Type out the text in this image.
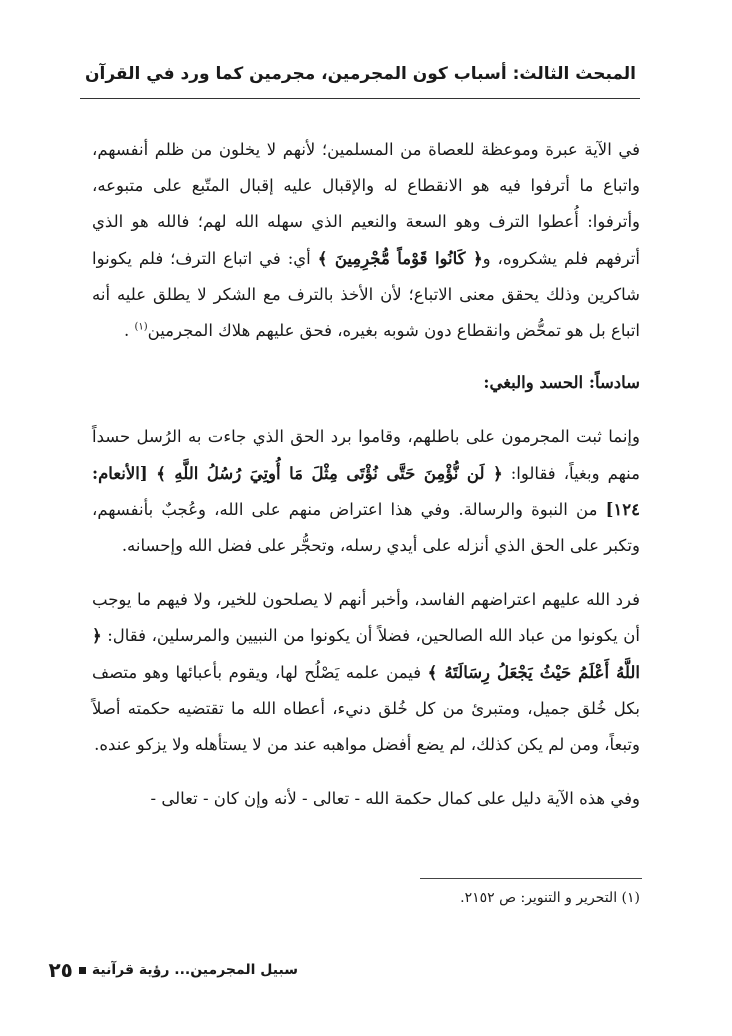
المبحث الثالث: أسباب كون المجرمين، مجرمين كما ورد في القرآن

في الآية عبرة وموعظة للعصاة من المسلمين؛ لأنهم لا يخلون من ظلم أنفسهم، واتباع ما أترفوا فيه هو الانقطاع له والإقبال عليه إقبال المتّبع على متبوعه، وأترفوا: أُعطوا الترف وهو السعة والنعيم الذي سهله الله لهم؛ فالله هو الذي أترفهم فلم يشكروه، و﴿ كَانُوا قَوْماً مُّجْرِمِينَ ﴾ أي: في اتباع الترف؛ فلم يكونوا شاكرين وذلك يحقق معنى الاتباع؛ لأن الأخذ بالترف مع الشكر لا يطلق عليه أنه اتباع بل هو تمحُّض وانقطاع دون شوبه بغيره، فحق عليهم هلاك المجرمين$^{(١)}$ .

سادساً: الحسد والبغي:

وإنما ثبت المجرمون على باطلهم، وقاموا برد الحق الذي جاءت به الرُسل حسداً منهم وبغياً، فقالوا: ﴿ لَن نُّؤْمِنَ حَتَّى نُؤْتَى مِثْلَ مَا أُوتِيَ رُسُلُ اللَّهِ ﴾ [الأنعام: ١٢٤] من النبوة والرسالة. وفي هذا اعتراض منهم على الله، وعُجبٌ بأنفسهم، وتكبر على الحق الذي أنزله على أيدي رسله، وتحجُّر على فضل الله وإحسانه.

فرد الله عليهم اعتراضهم الفاسد، وأخبر أنهم لا يصلحون للخير، ولا فيهم ما يوجب أن يكونوا من عباد الله الصالحين، فضلاً أن يكونوا من النبيين والمرسلين، فقال: ﴿ اللَّهُ أَعْلَمُ حَيْثُ يَجْعَلُ رِسَالَتَهُ ﴾ فيمن علمه يَصْلُح لها، ويقوم بأعبائها وهو متصف بكل خُلق جميل، ومتبرئ من كل خُلق دنيء، أعطاه الله ما تقتضيه حكمته أصلاً وتبعاً، ومن لم يكن كذلك، لم يضع أفضل مواهبه عند من لا يستأهله ولا يزكو عنده.

وفي هذه الآية دليل على كمال حكمة الله - تعالى - لأنه وإن كان - تعالى -

(١) التحرير و التنوير: ص ٢١٥٢.
سبيل المجرمين... رؤية قرآنية٢٥
